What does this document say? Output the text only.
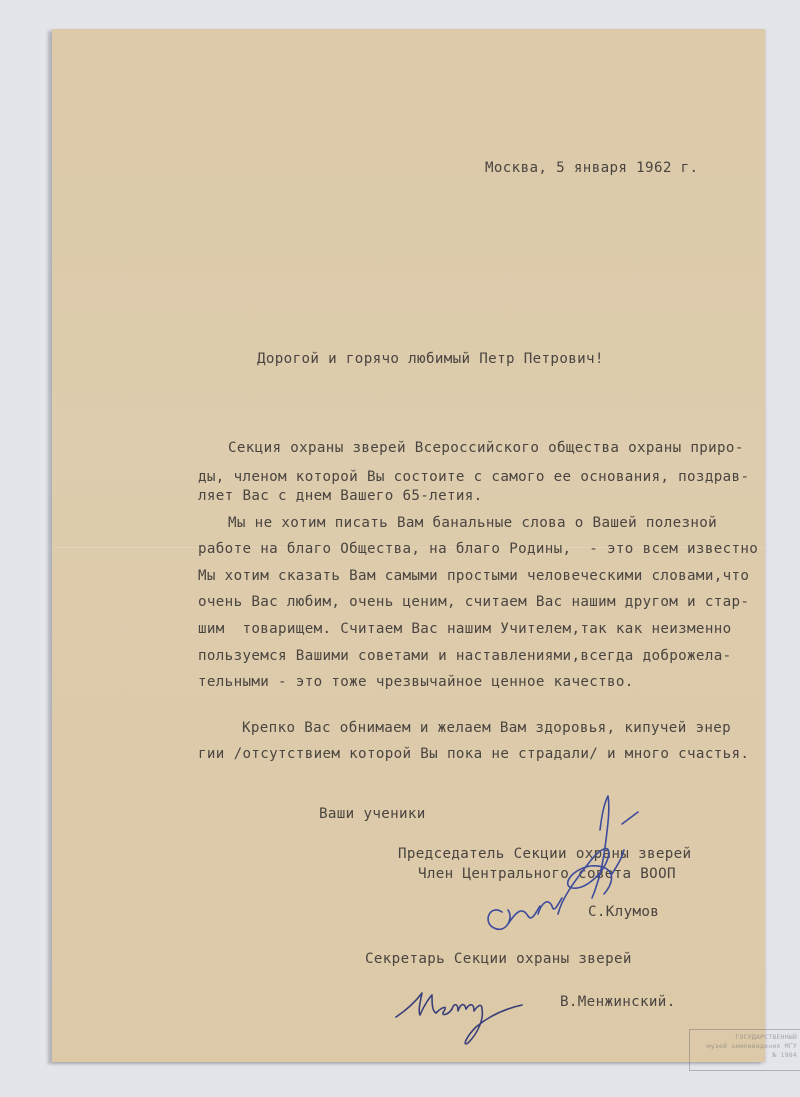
Москва, 5 января 1962 г.
Дорогой и горячо любимый Петр Петрович!
Секция охраны зверей Всероссийского общества охраны приро-
ды, членом которой Вы состоите с самого ее основания, поздрав-
ляет Вас с днем Вашего 65-летия.
Мы не хотим писать Вам банальные слова о Вашей полезной
работе на благо Общества, на благо Родины,  - это всем известно
Мы хотим сказать Вам самыми простыми человеческими словами,что
очень Вас любим, очень ценим, считаем Вас нашим другом и стар-
шим  товарищем. Считаем Вас нашим Учителем,так как неизменно
пользуемся Вашими советами и наставлениями,всегда доброжела-
тельными - это тоже чрезвычайное ценное качество.
Крепко Вас обнимаем и желаем Вам здоровья, кипучей энер
гии /отсутствием которой Вы пока не страдали/ и много счастья.
Ваши ученики
Председатель Секции охраны зверей
Член Центрального совета ВООП
С.Клумов
Секретарь Секции охраны зверей
В.Менжинский.
ГОСУДАРСТВЕННЫЙ
музей землеведения МГУ
№ 1984
